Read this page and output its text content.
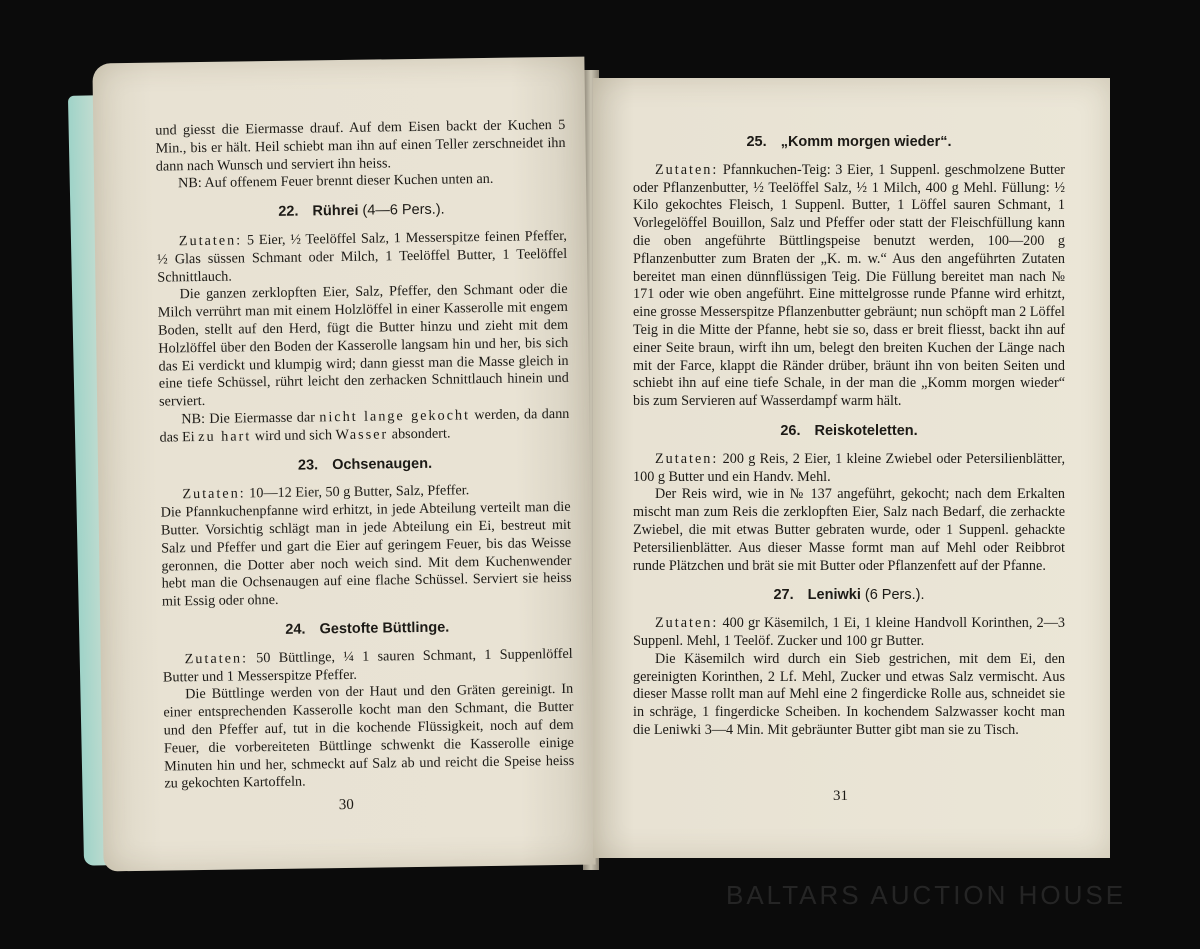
und giesst die Eiermasse drauf. Auf dem Eisen backt der Kuchen 5 Min., bis er hält. Heil schiebt man ihn auf einen Teller zerschneidet ihn dann nach Wunsch und serviert ihn heiss.

NB: Auf offenem Feuer brennt dieser Kuchen unten an.

22. Rührei (4—6 Pers.).

Zutaten: 5 Eier, ½ Teelöffel Salz, 1 Messerspitze feinen Pfeffer, ½ Glas süssen Schmant oder Milch, 1 Teelöffel Butter, 1 Teelöffel Schnittlauch.

Die ganzen zerklopften Eier, Salz, Pfeffer, den Schmant oder die Milch verrührt man mit einem Holzlöffel in einer Kasserolle mit engem Boden, stellt auf den Herd, fügt die Butter hinzu und zieht mit dem Holzlöffel über den Boden der Kasserolle langsam hin und her, bis sich das Ei verdickt und klumpig wird; dann giesst man die Masse gleich in eine tiefe Schüssel, rührt leicht den zerhacken Schnittlauch hinein und serviert.

NB: Die Eiermasse dar nicht lange gekocht werden, da dann das Ei zu hart wird und sich Wasser absondert.

23. Ochsenaugen.

Zutaten: 10—12 Eier, 50 g Butter, Salz, Pfeffer.

Die Pfannkuchenpfanne wird erhitzt, in jede Abteilung verteilt man die Butter. Vorsichtig schlägt man in jede Abteilung ein Ei, bestreut mit Salz und Pfeffer und gart die Eier auf geringem Feuer, bis das Weisse geronnen, die Dotter aber noch weich sind. Mit dem Kuchenwender hebt man die Ochsenaugen auf eine flache Schüssel. Serviert sie heiss mit Essig oder ohne.

24. Gestofte Büttlinge.

Zutaten: 50 Büttlinge, ¼ 1 sauren Schmant, 1 Suppenlöffel Butter und 1 Messerspitze Pfeffer.

Die Büttlinge werden von der Haut und den Gräten gereinigt. In einer entsprechenden Kasserolle kocht man den Schmant, die Butter und den Pfeffer auf, tut in die kochende Flüssigkeit, noch auf dem Feuer, die vorbereiteten Büttlinge schwenkt die Kasserolle einige Minuten hin und her, schmeckt auf Salz ab und reicht die Speise heiss zu gekochten Kartoffeln.

30
25. „Komm morgen wieder“.

Zutaten: Pfannkuchen-Teig: 3 Eier, 1 Suppenl. geschmolzene Butter oder Pflanzenbutter, ½ Teelöffel Salz, ½ 1 Milch, 400 g Mehl. Füllung: ½ Kilo gekochtes Fleisch, 1 Suppenl. Butter, 1 Löffel sauren Schmant, 1 Vorlegelöffel Bouillon, Salz und Pfeffer oder statt der Fleischfüllung kann die oben angeführte Büttlingspeise benutzt werden, 100—200 g Pflanzenbutter zum Braten der „K. m. w.“ Aus den angeführten Zutaten bereitet man einen dünnflüssigen Teig. Die Füllung bereitet man nach № 171 oder wie oben angeführt. Eine mittelgrosse runde Pfanne wird erhitzt, eine grosse Messerspitze Pflanzenbutter gebräunt; nun schöpft man 2 Löffel Teig in die Mitte der Pfanne, hebt sie so, dass er breit fliesst, backt ihn auf einer Seite braun, wirft ihn um, belegt den breiten Kuchen der Länge nach mit der Farce, klappt die Ränder drüber, bräunt ihn von beiten Seiten und schiebt ihn auf eine tiefe Schale, in der man die „Komm morgen wieder“ bis zum Servieren auf Wasserdampf warm hält.

26. Reiskoteletten.

Zutaten: 200 g Reis, 2 Eier, 1 kleine Zwiebel oder Petersilienblätter, 100 g Butter und ein Handv. Mehl.

Der Reis wird, wie in № 137 angeführt, gekocht; nach dem Erkalten mischt man zum Reis die zerklopften Eier, Salz nach Bedarf, die zerhackte Zwiebel, die mit etwas Butter gebraten wurde, oder 1 Suppenl. gehackte Petersilienblätter. Aus dieser Masse formt man auf Mehl oder Reibbrot runde Plätzchen und brät sie mit Butter oder Pflanzenfett auf der Pfanne.

27. Leniwki (6 Pers.).

Zutaten: 400 gr Käsemilch, 1 Ei, 1 kleine Handvoll Korinthen, 2—3 Suppenl. Mehl, 1 Teelöf. Zucker und 100 gr Butter.

Die Käsemilch wird durch ein Sieb gestrichen, mit dem Ei, den gereinigten Korinthen, 2 Lf. Mehl, Zucker und etwas Salz vermischt. Aus dieser Masse rollt man auf Mehl eine 2 fingerdicke Rolle aus, schneidet sie in schräge, 1 fingerdicke Scheiben. In kochendem Salzwasser kocht man die Leniwki 3—4 Min. Mit gebräunter Butter gibt man sie zu Tisch.

31
BALTARS AUCTION HOUSE
